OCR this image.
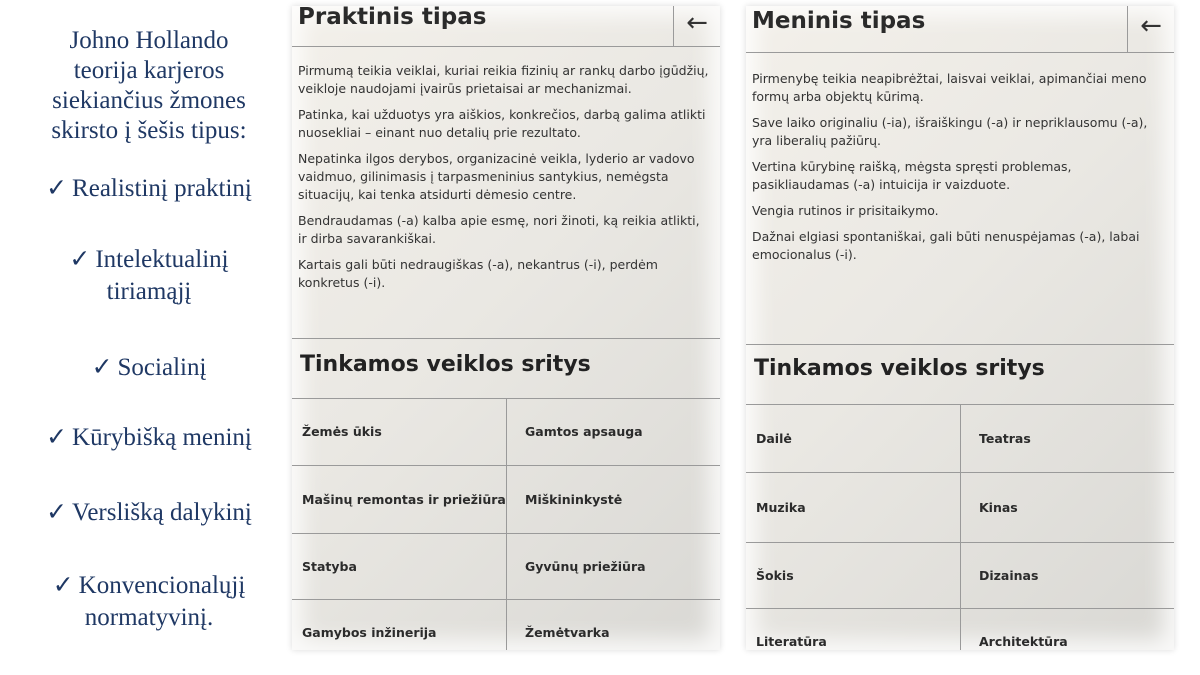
Johno Hollando
teorija karjeros
siekiančius žmones
skirsto į šešis tipus:
✓ Realistinį praktinį
✓ Intelektualinį
tiriamąjį
✓ Socialinį
✓ Kūrybišką meninį
✓ Verslišką dalykinį
✓ Konvencionalųjį
normatyvinį.
Praktinis tipas	←

Pirmumą teikia veiklai, kuriai reikia fizinių ar rankų darbo įgūdžių, veikloje naudojami įvairūs prietaisai ar mechanizmai.

Patinka, kai užduotys yra aiškios, konkrečios, darbą galima atlikti nuosekliai – einant nuo detalių prie rezultato.

Nepatinka ilgos derybos, organizacinė veikla, lyderio ar vadovo vaidmuo, gilinimasis į tarpasmeninius santykius, nemėgsta situacijų, kai tenka atsidurti dėmesio centre.

Bendraudamas (-a) kalba apie esmę, nori žinoti, ką reikia atlikti, ir dirba savarankiškai.

Kartais gali būti nedraugiškas (-a), nekantrus (-i), perdėm konkretus (-i).

Tinkamos veiklos sritys
Žemės ūkis	Gamtos apsauga
Mašinų remontas ir priežiūra	Miškininkystė
Statyba	Gyvūnų priežiūra
Gamybos inžinerija	Žemėtvarka
Meninis tipas	←

Pirmenybę teikia neapibrėžtai, laisvai veiklai, apimančiai meno formų arba objektų kūrimą.

Save laiko originaliu (-ia), išraiškingu (-a) ir nepriklausomu (-a), yra liberalių pažiūrų.

Vertina kūrybinę raišką, mėgsta spręsti problemas, pasikliaudamas (-a) intuicija ir vaizduote.

Vengia rutinos ir prisitaikymo.

Dažnai elgiasi spontaniškai, gali būti nenuspėjamas (-a), labai emocionalus (-i).

Tinkamos veiklos sritys
Dailė	Teatras
Muzika	Kinas
Šokis	Dizainas
Literatūra	Architektūra
